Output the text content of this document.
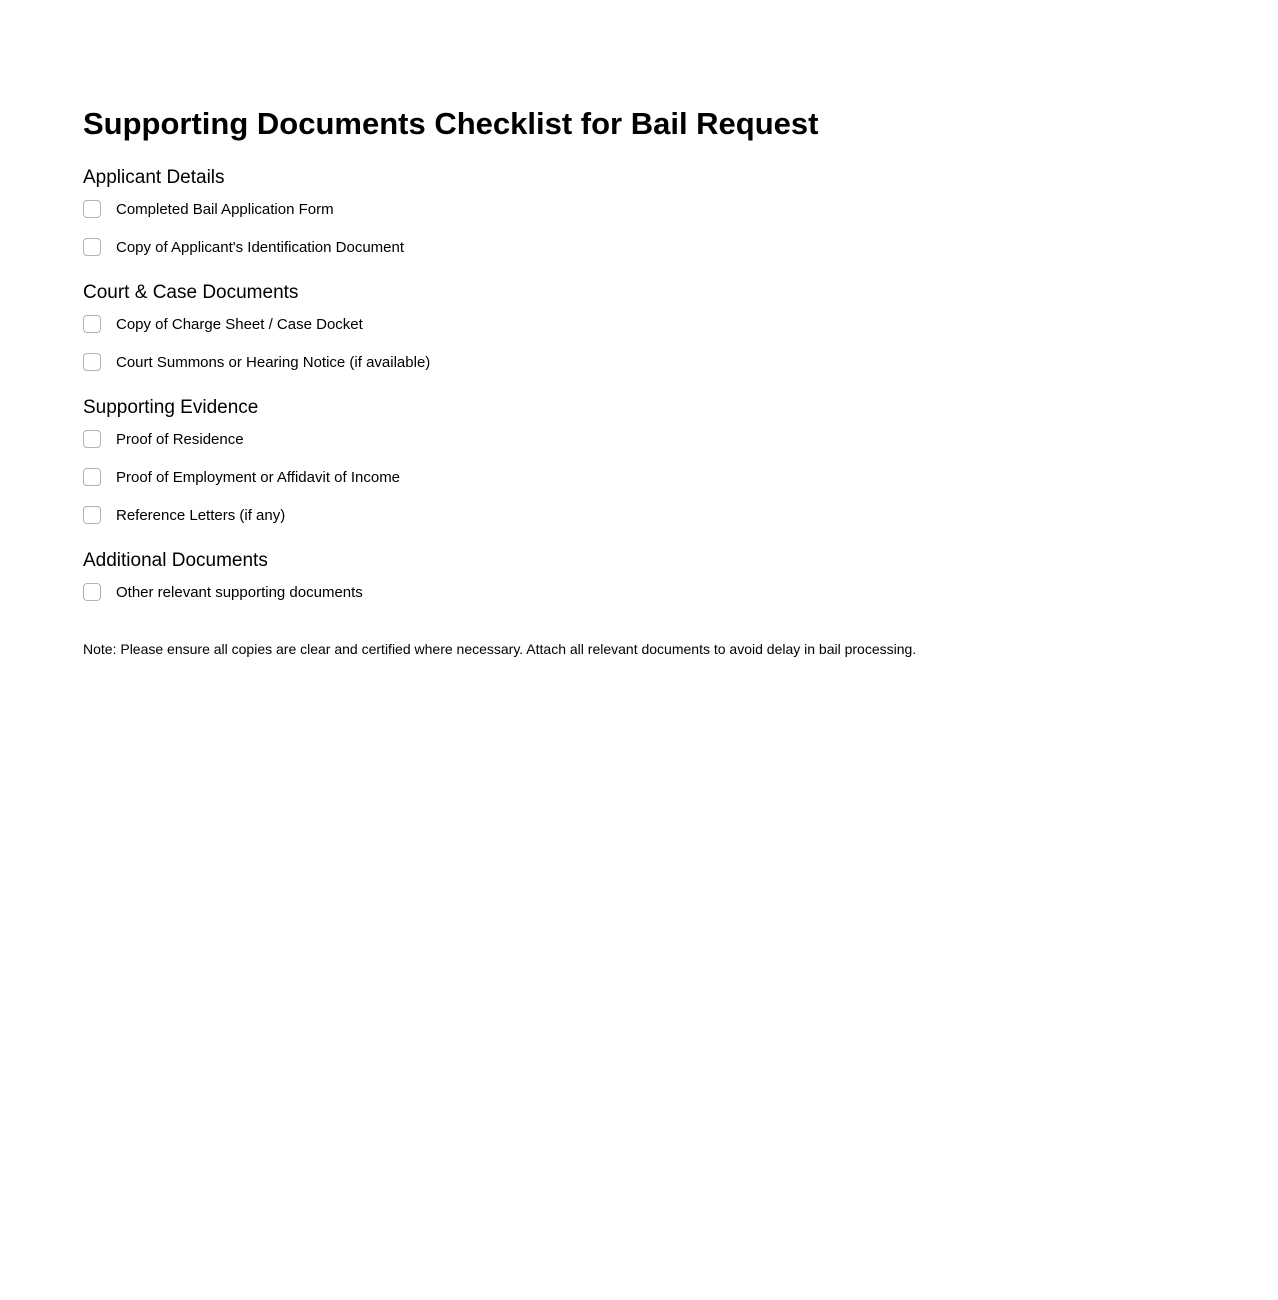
Supporting Documents Checklist for Bail Request
Applicant Details
Completed Bail Application Form
Copy of Applicant's Identification Document
Court & Case Documents
Copy of Charge Sheet / Case Docket
Court Summons or Hearing Notice (if available)
Supporting Evidence
Proof of Residence
Proof of Employment or Affidavit of Income
Reference Letters (if any)
Additional Documents
Other relevant supporting documents

Note: Please ensure all copies are clear and certified where necessary. Attach all relevant documents to avoid delay in bail processing.
